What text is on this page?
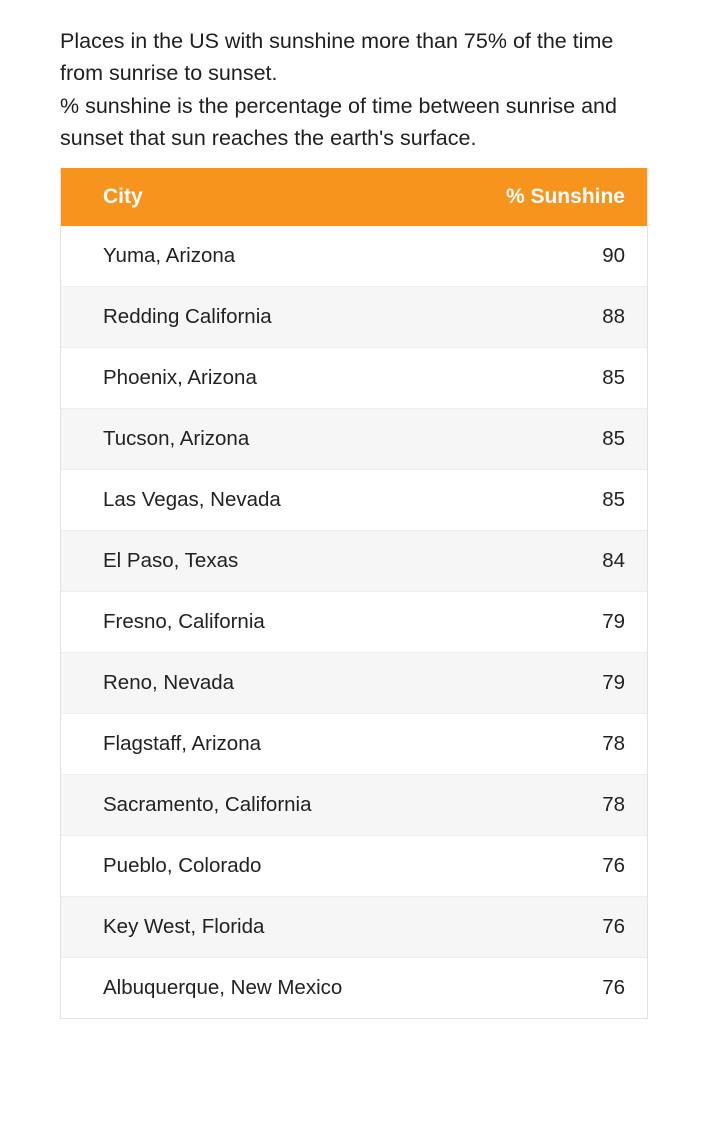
Places in the US with sunshine more than 75% of the time from sunrise to sunset.

% sunshine is the percentage of time between sunrise and sunset that sun reaches the earth's surface.

City	% Sunshine
Yuma, Arizona	90
Redding California	88
Phoenix, Arizona	85
Tucson, Arizona	85
Las Vegas, Nevada	85
El Paso, Texas	84
Fresno, California	79
Reno, Nevada	79
Flagstaff, Arizona	78
Sacramento, California	78
Pueblo, Colorado	76
Key West, Florida	76
Albuquerque, New Mexico	76
